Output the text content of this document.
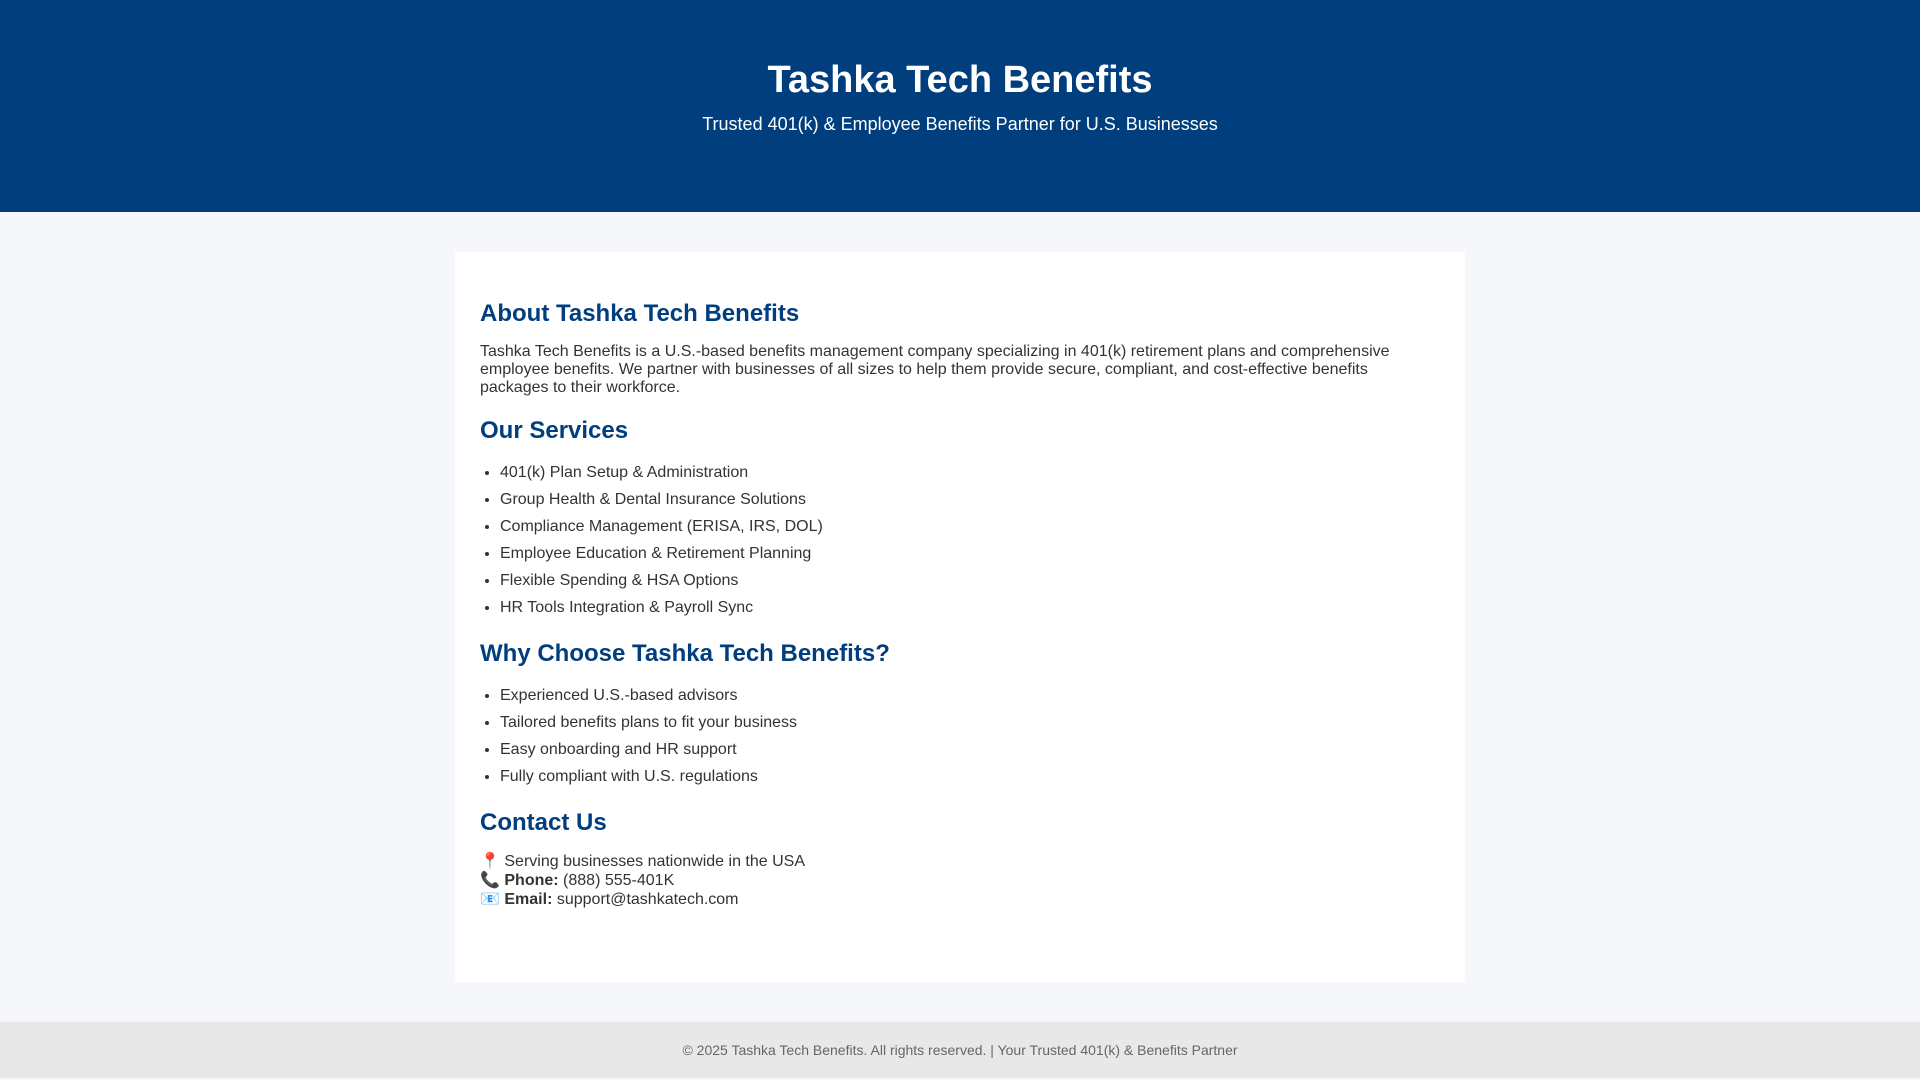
Tashka Tech Benefits

Trusted 401(k) & Employee Benefits Partner for U.S. Businesses

About Tashka Tech Benefits

Tashka Tech Benefits is a U.S.-based benefits management company specializing in 401(k) retirement plans and comprehensive employee benefits. We partner with businesses of all sizes to help them provide secure, compliant, and cost-effective benefits packages to their workforce.

Our Services
• 401(k) Plan Setup & Administration
• Group Health & Dental Insurance Solutions
• Compliance Management (ERISA, IRS, DOL)
• Employee Education & Retirement Planning
• Flexible Spending & HSA Options
• HR Tools Integration & Payroll Sync
Why Choose Tashka Tech Benefits?
• Experienced U.S.-based advisors
• Tailored benefits plans to fit your business
• Easy onboarding and HR support
• Fully compliant with U.S. regulations
Contact Us
📍 Serving businesses nationwide in the USA
📞 Phone: (888) 555-401K
📧 Email: support@tashkatech.com
© 2025 Tashka Tech Benefits. All rights reserved. | Your Trusted 401(k) & Benefits Partner
